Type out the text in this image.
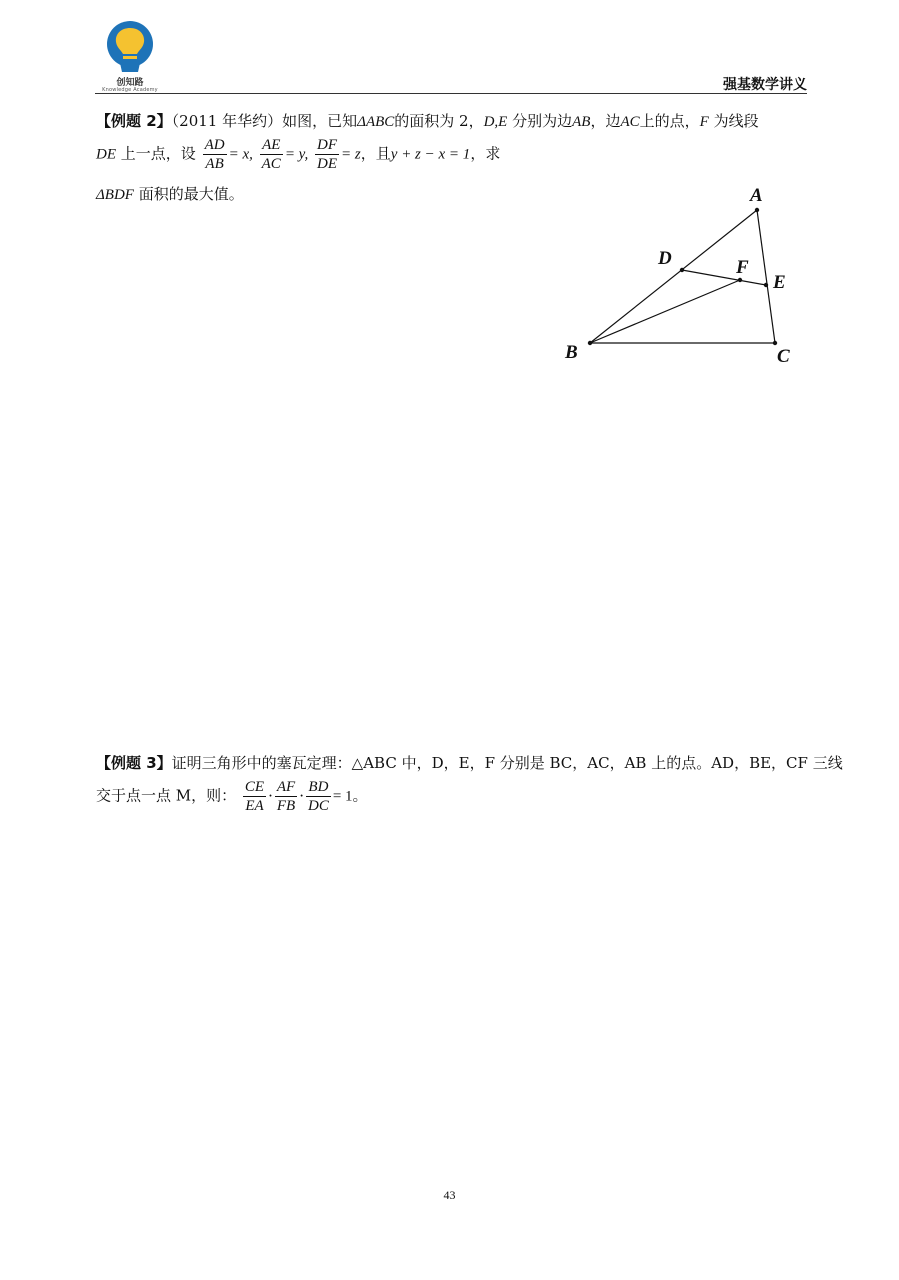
创知路
Knowledge Academy	强基数学讲义
【例题 2】（2011 年华约）如图，已知ΔABC的面积为 2，D,E 分别为边AB，边AC上的点，F 为线段
DE 上一点，设 $\frac{AD}{AB} = x$, $\frac{AE}{AC} = y$, $\frac{DF}{DE} = z$，且y + z − x = 1，求
ΔBDF 面积的最大值。	A
B	C
D
E
F
【例题 3】证明三角形中的塞瓦定理：△ABC 中，D，E，F 分别是 BC，AC，AB 上的点。AD，BE，CF 三线
交于点一点 M，则： $\frac{CE}{EA} \cdot \frac{AF}{FB} \cdot \frac{BD}{DC} = 1$。
43
